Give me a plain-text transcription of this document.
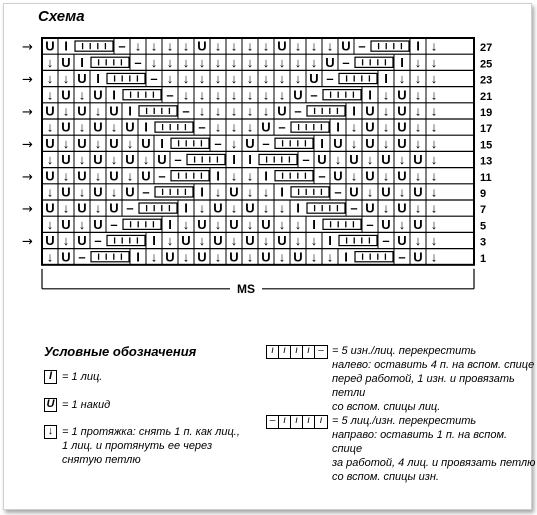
Схема
U I	– ↓ ↓ ↓ ↓ U ↓ ↓ ↓ ↓ U ↓ ↓ ↓ U –	I ↓	27
→
↓ U I	– ↓ ↓ ↓ ↓ ↓ ↓ ↓ ↓ ↓ ↓ ↓ U –	I ↓ ↓	25
↓ ↓ U I	– ↓ ↓ ↓ ↓ ↓ ↓ ↓ ↓ ↓ U –	I ↓ ↓ ↓	23
→
↓ U ↓ U I	– ↓ ↓ ↓ ↓ ↓ ↓ ↓ U –	I ↓ U ↓ ↓	21
U ↓ U ↓ U I	– ↓ ↓ ↓ ↓ ↓ U –	I U ↓ U ↓ ↓	19
→
↓ U ↓ U ↓ U I	– ↓ ↓ ↓ U –	I ↓ U ↓ U ↓ ↓	17
U ↓ U ↓ U ↓ U I	– ↓ U –	I U ↓ U ↓ U ↓ ↓	15
→
↓ U ↓ U ↓ U ↓ U –	I I	– U ↓ U ↓ U ↓ U ↓	13
U ↓ U ↓ U ↓ U –	I ↓ ↓ I	– U ↓ U ↓ U ↓ ↓	11
→
↓ U ↓ U ↓ U –	I ↓ U ↓ ↓ I	– U ↓ U ↓ U ↓	9
U ↓ U ↓ U –	I ↓ U ↓ U ↓ ↓ I	– U ↓ U ↓ ↓	7
→
↓ U ↓ U –	I ↓ U ↓ U ↓ U ↓ ↓ I	– U ↓ U ↓	5
U ↓ U –	I ↓ U ↓ U ↓ U ↓ U ↓ ↓ I	– U ↓ ↓	3
→
↓ U –	I ↓ U ↓ U ↓ U ↓ U ↓ U ↓ ↓ I	– U ↓	1
MS
Условные обозначения
I = 1 лиц.
U = 1 накид
↓ = 1 протяжка: снять 1 п. как лиц.,
1 лиц. и протянуть ее через
снятую петлю
ı ı ı ı – = 5 изн./лиц. перекрестить
налево: оставить 4 п. на вспом. спице
перед работой, 1 изн. и провязать петли
со вспом. спицы лиц.
– ı ı ı ı = 5 лиц./изн. перекрестить
направо: оставить 1 п. на вспом. спице
за работой, 4 лиц. и провязать петлю
со вспом. спицы изн.
